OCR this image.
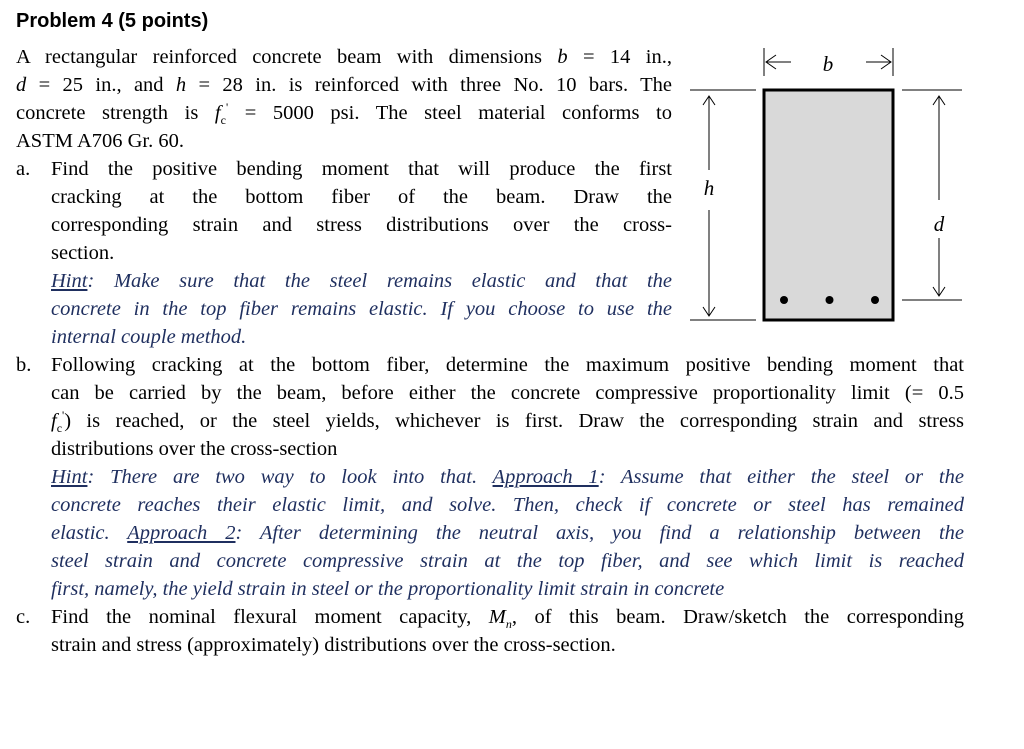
Problem 4 (5 points)
A rectangular reinforced concrete beam with dimensions b = 14 in.,
d = 25 in., and h = 28 in. is reinforced with three No. 10 bars. The
concrete strength is $f_c' = 5000$ psi. The steel material conforms to
ASTM A706 Gr. 60.
a. Find the positive bending moment that will produce the first
cracking at the bottom fiber of the beam. Draw the
corresponding strain and stress distributions over the cross-
section.
Hint: Make sure that the steel remains elastic and that the
concrete in the top fiber remains elastic. If you choose to use the
internal couple method.
b. Following cracking at the bottom fiber, determine the maximum positive bending moment that
can be carried by the beam, before either the concrete compressive proportionality limit (= 0.5
$f_c'$) is reached, or the steel yields, whichever is first. Draw the corresponding strain and stress
distributions over the cross-section
Hint: There are two way to look into that. Approach 1: Assume that either the steel or the
concrete reaches their elastic limit, and solve. Then, check if concrete or steel has remained
elastic. Approach 2: After determining the neutral axis, you find a relationship between the
steel strain and concrete compressive strain at the top fiber, and see which limit is reached
first, namely, the yield strain in steel or the proportionality limit strain in concrete
c. Find the nominal flexural moment capacity, $M_n$, of this beam. Draw/sketch the corresponding
strain and stress (approximately) distributions over the cross-section.
b
h
d
